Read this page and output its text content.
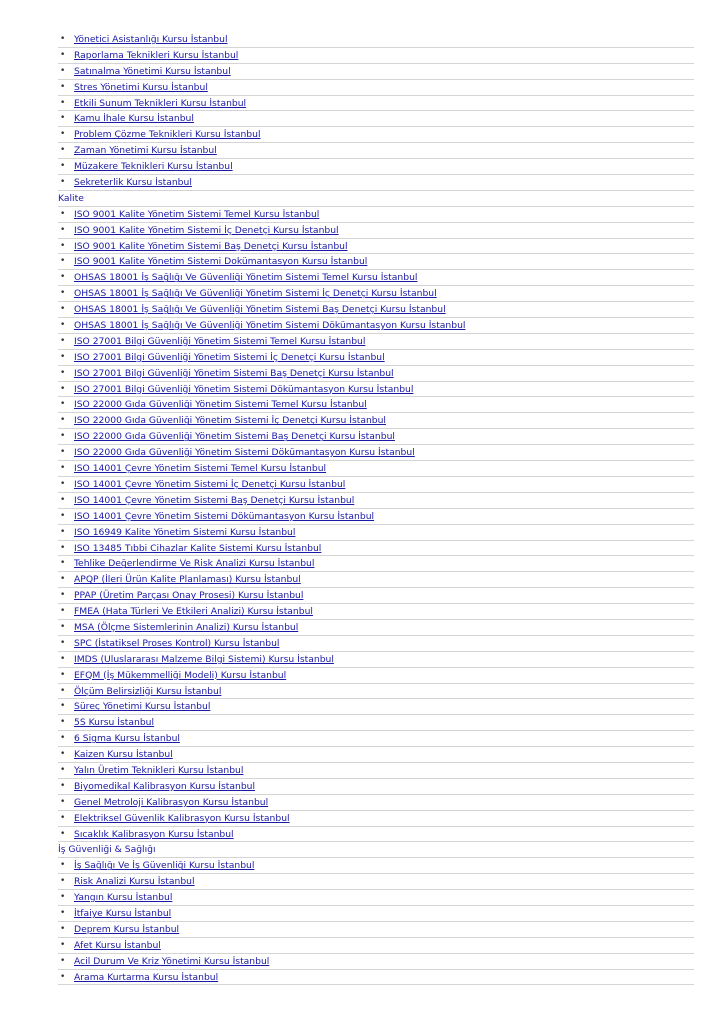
• Yönetici Asistanlığı Kursu İstanbul
• Raporlama Teknikleri Kursu İstanbul
• Satınalma Yönetimi Kursu İstanbul
• Stres Yönetimi Kursu İstanbul
• Etkili Sunum Teknikleri Kursu İstanbul
• Kamu İhale Kursu İstanbul
• Problem Çözme Teknikleri Kursu İstanbul
• Zaman Yönetimi Kursu İstanbul
• Müzakere Teknikleri Kursu İstanbul
• Sekreterlik Kursu İstanbul
Kalite
• ISO 9001 Kalite Yönetim Sistemi Temel Kursu İstanbul
• ISO 9001 Kalite Yönetim Sistemi İç Denetçi Kursu İstanbul
• ISO 9001 Kalite Yönetim Sistemi Baş Denetçi Kursu İstanbul
• ISO 9001 Kalite Yönetim Sistemi Dokümantasyon Kursu İstanbul
• OHSAS 18001 İş Sağlığı Ve Güvenliği Yönetim Sistemi Temel Kursu İstanbul
• OHSAS 18001 İş Sağlığı Ve Güvenliği Yönetim Sistemi İç Denetçi Kursu İstanbul
• OHSAS 18001 İş Sağlığı Ve Güvenliği Yönetim Sistemi Baş Denetçi Kursu İstanbul
• OHSAS 18001 İş Sağlığı Ve Güvenliği Yönetim Sistemi Dökümantasyon Kursu İstanbul
• ISO 27001 Bilgi Güvenliği Yönetim Sistemi Temel Kursu İstanbul
• ISO 27001 Bilgi Güvenliği Yönetim Sistemi İç Denetçi Kursu İstanbul
• ISO 27001 Bilgi Güvenliği Yönetim Sistemi Baş Denetçi Kursu İstanbul
• ISO 27001 Bilgi Güvenliği Yönetim Sistemi Dökümantasyon Kursu İstanbul
• ISO 22000 Gıda Güvenliği Yönetim Sistemi Temel Kursu İstanbul
• ISO 22000 Gıda Güvenliği Yönetim Sistemi İç Denetçi Kursu İstanbul
• ISO 22000 Gıda Güvenliği Yönetim Sistemi Baş Denetçi Kursu İstanbul
• ISO 22000 Gıda Güvenliği Yönetim Sistemi Dökümantasyon Kursu İstanbul
• ISO 14001 Çevre Yönetim Sistemi Temel Kursu İstanbul
• ISO 14001 Çevre Yönetim Sistemi İç Denetçi Kursu İstanbul
• ISO 14001 Çevre Yönetim Sistemi Baş Denetçi Kursu İstanbul
• ISO 14001 Çevre Yönetim Sistemi Dökümantasyon Kursu İstanbul
• ISO 16949 Kalite Yönetim Sistemi Kursu İstanbul
• ISO 13485 Tıbbi Cihazlar Kalite Sistemi Kursu İstanbul
• Tehlike Değerlendirme Ve Risk Analizi Kursu İstanbul
• APQP (İleri Ürün Kalite Planlaması) Kursu İstanbul
• PPAP (Üretim Parçası Onay Prosesi) Kursu İstanbul
• FMEA (Hata Türleri Ve Etkileri Analizi) Kursu İstanbul
• MSA (Ölçme Sistemlerinin Analizi) Kursu İstanbul
• SPC (İstatiksel Proses Kontrol) Kursu İstanbul
• IMDS (Uluslararası Malzeme Bilgi Sistemi) Kursu İstanbul
• EFQM (İş Mükemmelliği Modeli) Kursu İstanbul
• Ölçüm Belirsizliği Kursu İstanbul
• Süreç Yönetimi Kursu İstanbul
• 5S Kursu İstanbul
• 6 Sigma Kursu İstanbul
• Kaizen Kursu İstanbul
• Yalın Üretim Teknikleri Kursu İstanbul
• Biyomedikal Kalibrasyon Kursu İstanbul
• Genel Metroloji Kalibrasyon Kursu İstanbul
• Elektriksel Güvenlik Kalibrasyon Kursu İstanbul
• Sıcaklık Kalibrasyon Kursu İstanbul
İş Güvenliği & Sağlığı
• İş Sağlığı Ve İş Güvenliği Kursu İstanbul
• Risk Analizi Kursu İstanbul
• Yangın Kursu İstanbul
• İtfaiye Kursu İstanbul
• Deprem Kursu İstanbul
• Afet Kursu İstanbul
• Acil Durum Ve Kriz Yönetimi Kursu İstanbul
• Arama Kurtarma Kursu İstanbul
